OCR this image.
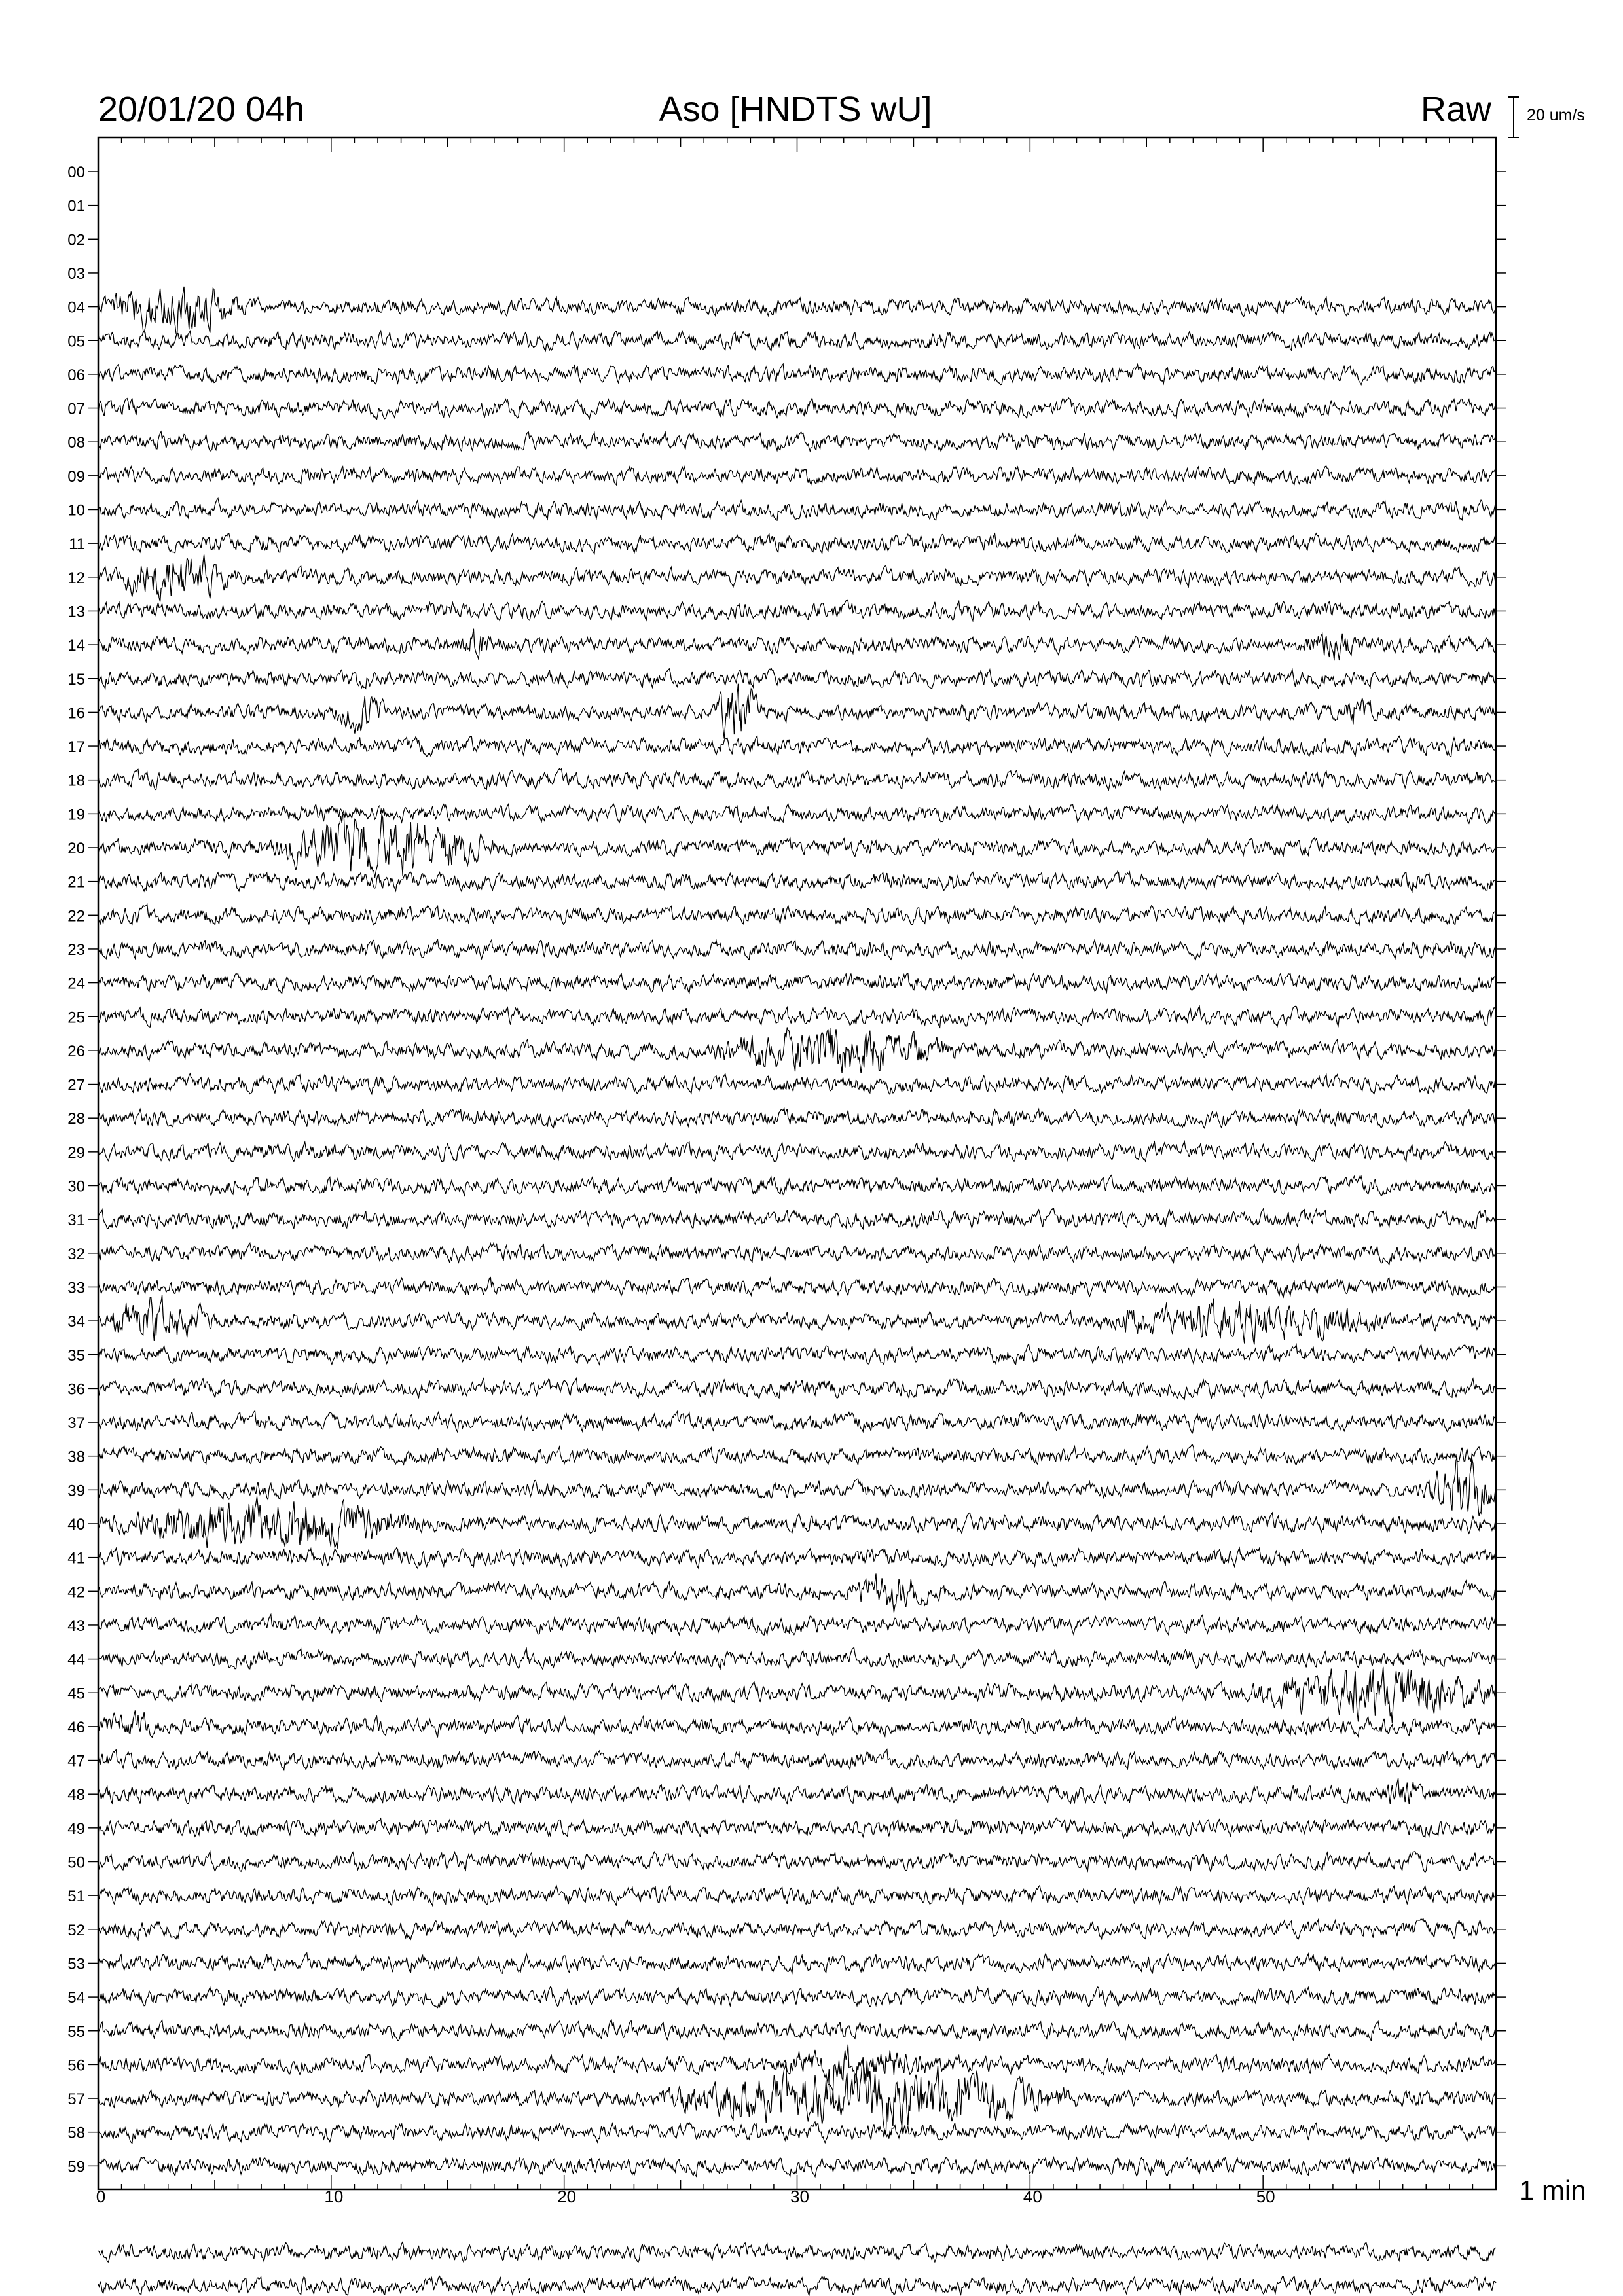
20/01/20 04h	Aso [HNDTS wU]	Raw 20 um/s
1 min
00
01
02
03
04
05
06
07
08
09
10
11
12
13
14
15
16
17
18
19
20
21
22
23
24
25
26
27
28
29
30
31
32
33
34
35
36
37
38
39
40
41
42
43
44
45
46
47
48
49
50
51
52
53
54
55
56
57
58
59
0	10	20	30	40	50
